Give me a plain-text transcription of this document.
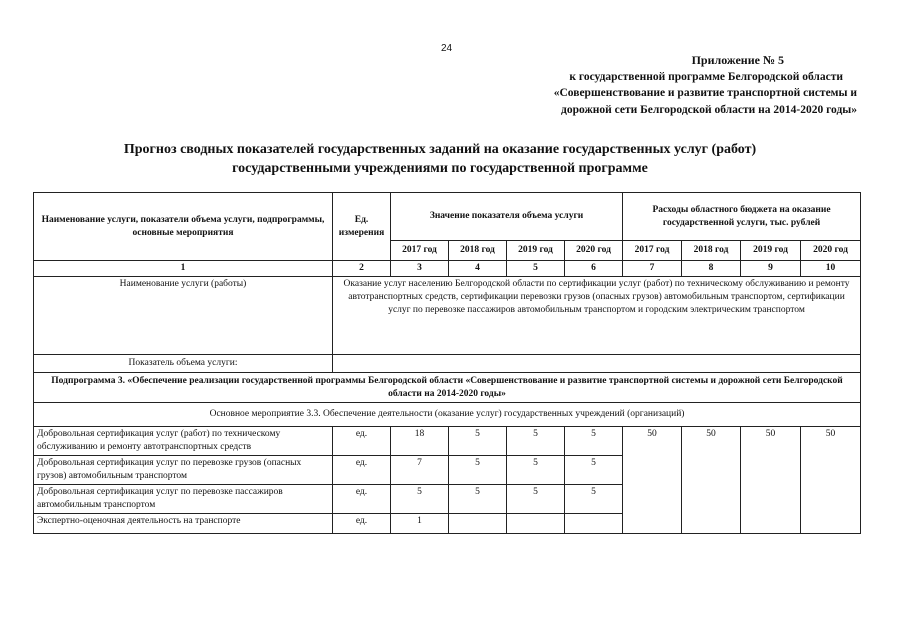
24
Приложение № 5
к государственной программе Белгородской области
«Совершенствование и развитие транспортной системы и
дорожной сети Белгородской области на 2014-2020 годы»
Прогноз сводных показателей государственных заданий на оказание государственных услуг (работ)
государственными учреждениями по государственной программе
Наименование услуги, показатели объема услуги, подпрограммы, основные мероприятия	Ед. измерения	Значение показателя объема услуги				Расходы областного бюджета на оказание государственной услуги, тыс. рублей			
		2017 год	2018 год	2019 год	2020 год	2017 год	2018 год	2019 год	2020 год
1	2	3	4	5	6	7	8	9	10
Наименование услуги (работы)	Оказание услуг населению Белгородской области по сертификации услуг (работ) по техническому обслуживанию и ремонту автотранспортных средств, сертификации перевозки грузов (опасных грузов) автомобильным транспортом, сертификации услуг по перевозке пассажиров автомобильным транспортом и городским электрическим транспортом								
Показатель объема услуги:									
Подпрограмма 3. «Обеспечение реализации государственной программы Белгородской области «Совершенствование и развитие транспортной системы и дорожной сети Белгородской области на 2014-2020 годы»									
Основное мероприятие 3.3. Обеспечение деятельности (оказание услуг) государственных учреждений (организаций)									
Добровольная сертификация услуг (работ) по техническому обслуживанию и ремонту автотранспортных средств	ед.	18	5	5	5	50	50	50	50
Добровольная сертификация услуг по перевозке грузов (опасных грузов) автомобильным транспортом	ед.	7	5	5	5				
Добровольная сертификация услуг по перевозке пассажиров автомобильным транспортом	ед.	5	5	5	5				
Экспертно-оценочная деятельность на транспорте	ед.	1							
